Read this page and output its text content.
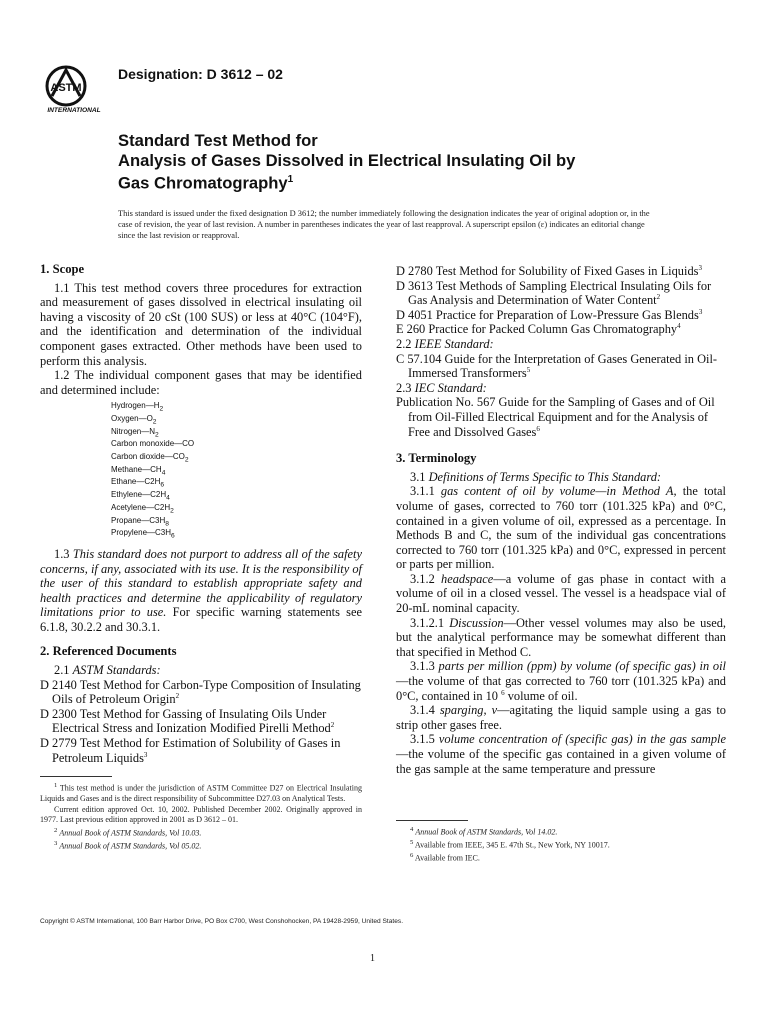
ASTM
INTERNATIONAL
Designation: D 3612 – 02
Standard Test Method for
Analysis of Gases Dissolved in Electrical Insulating Oil by
Gas Chromatography$^1$
This standard is issued under the fixed designation D 3612; the number immediately following the designation indicates the year of original adoption or, in the case of revision, the year of last revision. A number in parentheses indicates the year of last reapproval. A superscript epsilon (ε) indicates an editorial change since the last revision or reapproval.

1. Scope

1.1 This test method covers three procedures for extraction and measurement of gases dissolved in electrical insulating oil having a viscosity of 20 cSt (100 SUS) or less at 40°C (104°F), and the identification and determination of the individual component gases extracted. Other methods have been used to perform this analysis.

1.2 The individual component gases that may be identified and determined include:

$Hydrogen—H_2$
$Oxygen—O_2$
$Nitrogen—N_2$
Carbon monoxide—CO
Carbon $dioxide—CO_2$
$Methane—CH_4$
$Ethane—C2H_6$
$Ethylene—C2H_4$
$Acetylene—C2H_2$
$Propane—C3H_8$
$Propylene—C3H_6$

1.3 This standard does not purport to address all of the safety concerns, if any, associated with its use. It is the responsibility of the user of this standard to establish appropriate safety and health practices and determine the applicability of regulatory limitations prior to use. For specific warning statements see 6.1.8, 30.2.2 and 30.3.1.

2. Referenced Documents

2.1 ASTM Standards:

D 2140 Test Method for Carbon-Type Composition of Insulating Oils of Petroleum Origin$^2$

D 2300 Test Method for Gassing of Insulating Oils Under Electrical Stress and Ionization Modified Pirelli Method$^2$

D 2779 Test Method for Estimation of Solubility of Gases in Petroleum Liquids$^3$

$^1$ This test method is under the jurisdiction of ASTM Committee D27 on Electrical Insulating Liquids and Gases and is the direct responsibility of Subcommittee D27.03 on Analytical Tests.

Current edition approved Oct. 10, 2002. Published December 2002. Originally approved in 1977. Last previous edition approved in 2001 as D 3612 – 01.

$^2$ Annual Book of ASTM Standards, Vol 10.03.

$^3$ Annual Book of ASTM Standards, Vol 05.02.

D 2780 Test Method for Solubility of Fixed Gases in Liquids$^3$

D 3613 Test Methods of Sampling Electrical Insulating Oils for Gas Analysis and Determination of Water Content$^2$

D 4051 Practice for Preparation of Low-Pressure Gas Blends$^3$

E 260 Practice for Packed Column Gas Chromatography$^4$

2.2 IEEE Standard:

C 57.104 Guide for the Interpretation of Gases Generated in Oil-Immersed Transformers$^5$

2.3 IEC Standard:

Publication No. 567 Guide for the Sampling of Gases and of Oil from Oil-Filled Electrical Equipment and for the Analysis of Free and Dissolved Gases$^6$

3. Terminology

3.1 Definitions of Terms Specific to This Standard:

3.1.1 gas content of oil by volume—in Method A, the total volume of gases, corrected to 760 torr (101.325 kPa) and 0°C, contained in a given volume of oil, expressed as a percentage. In Methods B and C, the sum of the individual gas concentrations corrected to 760 torr (101.325 kPa) and 0°C, expressed in percent or parts per million.

3.1.2 headspace—a volume of gas phase in contact with a volume of oil in a closed vessel. The vessel is a headspace vial of 20-mL nominal capacity.

3.1.2.1 Discussion—Other vessel volumes may also be used, but the analytical performance may be somewhat different than that specified in Method C.

3.1.3 parts per million (ppm) by volume (of specific gas) in oil—the volume of that gas corrected to 760 torr (101.325 kPa) and 0°C, contained in 10 $^6$ volume of oil.

3.1.4 sparging, v—agitating the liquid sample using a gas to strip other gases free.

3.1.5 volume concentration of (specific gas) in the gas sample—the volume of the specific gas contained in a given volume of the gas sample at the same temperature and pressure

$^4$ Annual Book of ASTM Standards, Vol 14.02.

$^5$ Available from IEEE, 345 E. 47th St., New York, NY 10017.

$^6$ Available from IEC.

Copyright © ASTM International, 100 Barr Harbor Drive, PO Box C700, West Conshohocken, PA 19428-2959, United States.
1
